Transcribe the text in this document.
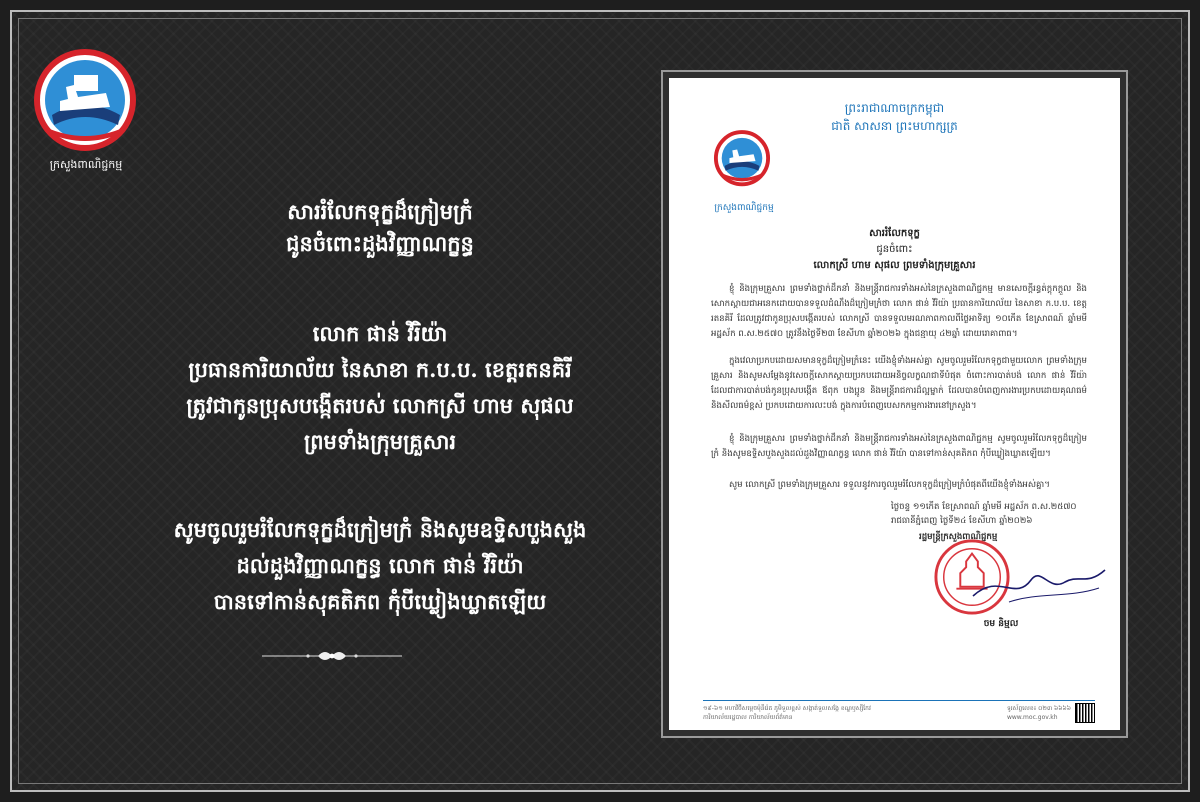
ក្រសួងពាណិជ្ជកម្ម
សាររំលែកទុក្ខដ៏ក្រៀមក្រំ
ជូនចំពោះដួងវិញ្ញាណក្ខន្ធ
លោក ផាន់ វិរិយ៉ា
ប្រធានការិយាល័យ នៃសាខា ក.ប.ប. ខេត្តរតនគិរី
ត្រូវជាកូនប្រុសបង្កើតរបស់ លោកស្រី ហាម សុផល
ព្រមទាំងក្រុមគ្រួសារ
សូមចូលរួមរំលែកទុក្ខដ៏ក្រៀមក្រំ និងសូមឧទ្ទិសបួងសួង
ដល់ដួងវិញ្ញាណក្ខន្ធ លោក ផាន់ វិរិយ៉ា
បានទៅកាន់សុគតិភព កុំបីឃ្លៀងឃ្លាតឡើយ
ព្រះរាជាណាចក្រកម្ពុជា
ជាតិ សាសនា ព្រះមហាក្សត្រ
ក្រសួងពាណិជ្ជកម្ម
សាររំលែកទុក្ខ
ជូនចំពោះ
លោកស្រី ហាម សុផល ព្រមទាំងក្រុមគ្រួសារ

ខ្ញុំ និងក្រុមគ្រួសារ ព្រមទាំងថ្នាក់ដឹកនាំ និងមន្ត្រីរាជការទាំងអស់នៃក្រសួងពាណិជ្ជកម្ម មានសេចក្តីរន្ធត់ក្តុកក្តួល និងសោកស្តាយជាអនេកដោយបានទទួលដំណឹងដ៏ក្រៀមក្រំថា លោក ផាន់ វិរិយ៉ា ប្រធានការិយាល័យ នៃសាខា ក.ប.ប. ខេត្តរតនគិរី ដែលត្រូវជាកូនប្រុសបង្កើតរបស់ លោកស្រី បានទទួលមរណភាពកាលពីថ្ងៃអាទិត្យ ១០កើត ខែស្រាពណ៍ ឆ្នាំមមី អដ្ឋស័ក ព.ស.២៥៧០ ត្រូវនឹងថ្ងៃទី២៣ ខែសីហា ឆ្នាំ២០២៦ ក្នុងជន្មាយុ ៤២ឆ្នាំ ដោយរោគាពាធ។

ក្នុងវេលាប្រកបដោយសមានទុក្ខដ៏ក្រៀមក្រំនេះ យើងខ្ញុំទាំងអស់គ្នា សូមចូលរួមរំលែកទុក្ខជាមួយលោក ព្រមទាំងក្រុមគ្រួសារ និងសូមសម្តែងនូវសេចក្តីសោកស្តាយប្រកបដោយអនិច្ចលក្ខណជាទីបំផុត ចំពោះការបាត់បង់ លោក ផាន់ វិរិយ៉ា ដែលជាការបាត់បង់កូនប្រុសបង្កើត ឪពុក បងប្អូន និងមន្ត្រីរាជការដ៏ល្អម្នាក់ ដែលបានបំពេញការងារប្រកបដោយគុណធម៌ និងសីលធម៌ខ្ពស់ ប្រកបដោយការលះបង់ ក្នុងការបំពេញបេសកកម្មការងារនៅក្រសួង។

ខ្ញុំ និងក្រុមគ្រួសារ ព្រមទាំងថ្នាក់ដឹកនាំ និងមន្ត្រីរាជការទាំងអស់នៃក្រសួងពាណិជ្ជកម្ម សូមចូលរួមរំលែកទុក្ខដ៏ក្រៀមក្រំ និងសូមឧទ្ទិសបួងសួងដល់ដួងវិញ្ញាណក្ខន្ធ លោក ផាន់ វិរិយ៉ា បានទៅកាន់សុគតិភព កុំបីឃ្លៀងឃ្លាតឡើយ។

សូម លោកស្រី ព្រមទាំងក្រុមគ្រួសារ ទទួលនូវការចូលរួមរំលែកទុក្ខដ៏ក្រៀមក្រំបំផុតពីយើងខ្ញុំទាំងអស់គ្នា។

ថ្ងៃចន្ទ ១១កើត ខែស្រាពណ៍ ឆ្នាំមមី អដ្ឋស័ក ព.ស.២៥៧០
រាជធានីភ្នំពេញ ថ្ងៃទី២៤ ខែសីហា ឆ្នាំ២០២៦
រដ្ឋមន្ត្រីក្រសួងពាណិជ្ជកម្ម
ចម និម្មល
១៩-៦១ មហាវិថីសម្តេចម៉ុនីរ៉េត ភូមិទួលខ្ពស់ សង្កាត់ទួលសង្កែ ខណ្ឌឫស្សីកែវ
ការិយាល័យរដ្ឋបាល ការិយាល័យព័ត៌មាន
ទូរស័ព្ទលេខ៖ ០២៣ ៦៦៦៦
www.moc.gov.kh
